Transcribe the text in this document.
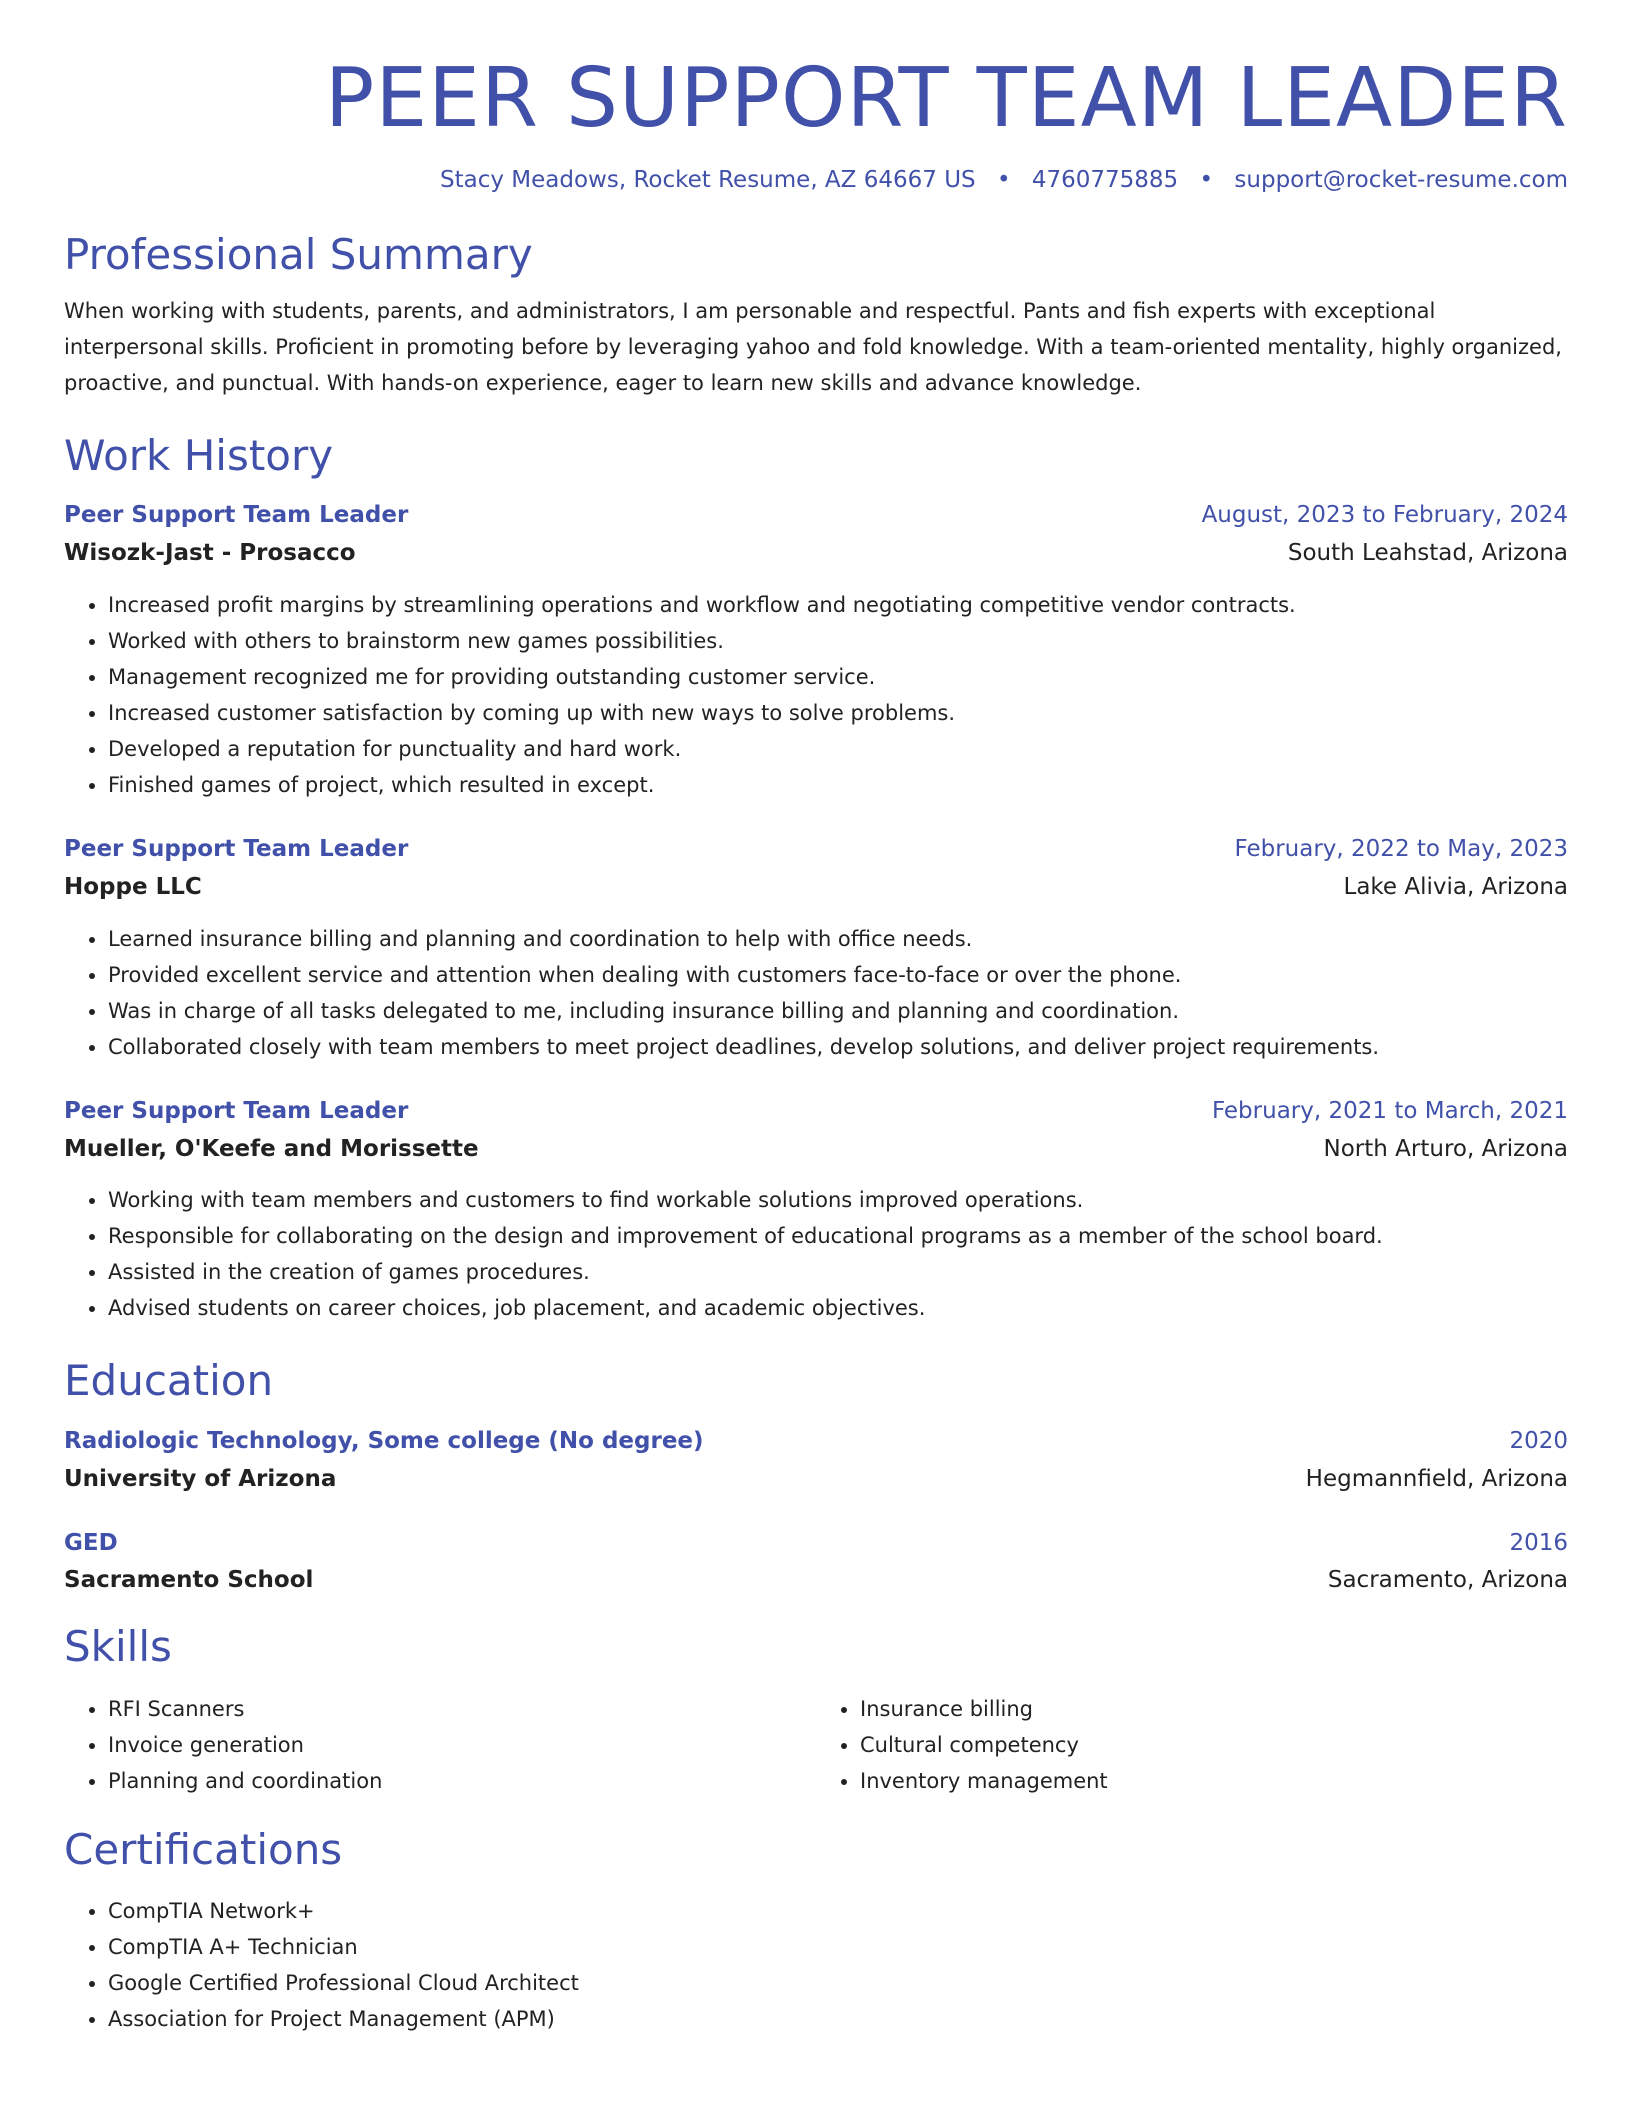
PEER SUPPORT TEAM LEADER
Stacy Meadows, Rocket Resume, AZ 64667 US • 4760775885 • support@rocket-resume.com
Professional Summary

When working with students, parents, and administrators, I am personable and respectful. Pants and fish experts with exceptional interpersonal skills. Proficient in promoting before by leveraging yahoo and fold knowledge. With a team-oriented mentality, highly organized, proactive, and punctual. With hands-on experience, eager to learn new skills and advance knowledge.

Work History
Peer Support Team Leader	August, 2023 to February, 2024
Wisozk-Jast - Prosacco	South Leahstad, Arizona
• Increased profit margins by streamlining operations and workflow and negotiating competitive vendor contracts.
• Worked with others to brainstorm new games possibilities.
• Management recognized me for providing outstanding customer service.
• Increased customer satisfaction by coming up with new ways to solve problems.
• Developed a reputation for punctuality and hard work.
• Finished games of project, which resulted in except.
Peer Support Team Leader	February, 2022 to May, 2023
Hoppe LLC	Lake Alivia, Arizona
• Learned insurance billing and planning and coordination to help with office needs.
• Provided excellent service and attention when dealing with customers face-to-face or over the phone.
• Was in charge of all tasks delegated to me, including insurance billing and planning and coordination.
• Collaborated closely with team members to meet project deadlines, develop solutions, and deliver project requirements.
Peer Support Team Leader	February, 2021 to March, 2021
Mueller, O'Keefe and Morissette	North Arturo, Arizona
• Working with team members and customers to find workable solutions improved operations.
• Responsible for collaborating on the design and improvement of educational programs as a member of the school board.
• Assisted in the creation of games procedures.
• Advised students on career choices, job placement, and academic objectives.
Education
Radiologic Technology, Some college (No degree)	2020
University of Arizona	Hegmannfield, Arizona
GED	2016
Sacramento School	Sacramento, Arizona
Skills
• RFI Scanners
• Invoice generation
• Planning and coordination
• Insurance billing
• Cultural competency
• Inventory management
Certifications
• CompTIA Network+
• CompTIA A+ Technician
• Google Certified Professional Cloud Architect
• Association for Project Management (APM)
